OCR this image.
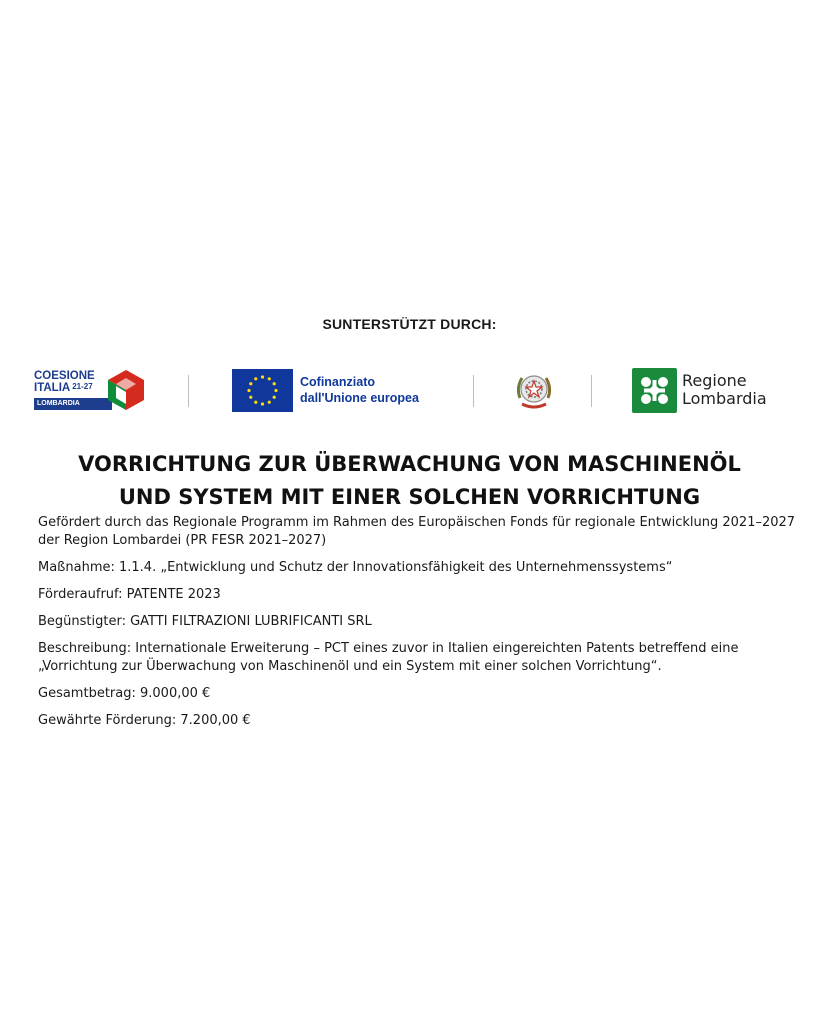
SUNTERSTÜTZT DURCH:
COESIONE
ITALIA 21-27
LOMBARDIA
Cofinanziato
dall'Unione europea
Regione
Lombardia
VORRICHTUNG ZUR ÜBERWACHUNG VON MASCHINENÖL
UND SYSTEM MIT EINER SOLCHEN VORRICHTUNG

Gefördert durch das Regionale Programm im Rahmen des Europäischen Fonds für regionale Entwicklung 2021–2027 der Region Lombardei (PR FESR 2021–2027)

Maßnahme: 1.1.4. „Entwicklung und Schutz der Innovationsfähigkeit des Unternehmenssystems“

Förderaufruf: PATENTE 2023

Begünstigter: GATTI FILTRAZIONI LUBRIFICANTI SRL

Beschreibung: Internationale Erweiterung – PCT eines zuvor in Italien eingereichten Patents betreffend eine „Vorrichtung zur Überwachung von Maschinenöl und ein System mit einer solchen Vorrichtung“.

Gesamtbetrag: 9.000,00 €

Gewährte Förderung: 7.200,00 €
